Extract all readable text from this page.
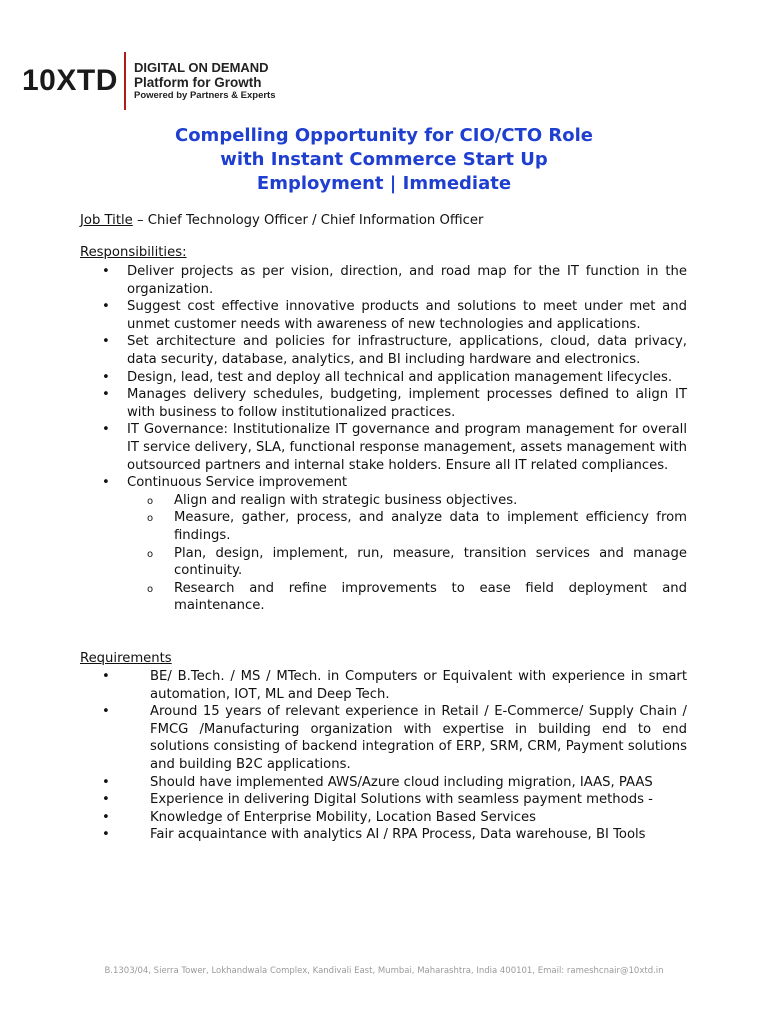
10XTD DIGITAL ON DEMAND
Platform for Growth
Powered by Partners & Experts
Compelling Opportunity for CIO/CTO Role
with Instant Commerce Start Up
Employment | Immediate
Job Title – Chief Technology Officer / Chief Information Officer
Responsibilities:
• Deliver projects as per vision, direction, and road map for the IT function in the organization.
• Suggest cost effective innovative products and solutions to meet under met and unmet customer needs with awareness of new technologies and applications.
• Set architecture and policies for infrastructure, applications, cloud, data privacy, data security, database, analytics, and BI including hardware and electronics.
• Design, lead, test and deploy all technical and application management lifecycles.
• Manages delivery schedules, budgeting, implement processes defined to align IT with business to follow institutionalized practices.
• IT Governance: Institutionalize IT governance and program management for overall IT service delivery, SLA, functional response management, assets management with outsourced partners and internal stake holders. Ensure all IT related compliances.
• Continuous Service improvement
o Align and realign with strategic business objectives.
o Measure, gather, process, and analyze data to implement efficiency from findings.
o Plan, design, implement, run, measure, transition services and manage continuity.
o Research and refine improvements to ease field deployment and maintenance.
Requirements
• BE/ B.Tech. / MS / MTech. in Computers or Equivalent with experience in smart automation, IOT, ML and Deep Tech.
• Around 15 years of relevant experience in Retail / E-Commerce/ Supply Chain / FMCG /Manufacturing organization with expertise in building end to end solutions consisting of backend integration of ERP, SRM, CRM, Payment solutions and building B2C applications.
• Should have implemented AWS/Azure cloud including migration, IAAS, PAAS
• Experience in delivering Digital Solutions with seamless payment methods -
• Knowledge of Enterprise Mobility, Location Based Services
• Fair acquaintance with analytics AI / RPA Process, Data warehouse, BI Tools
B.1303/04, Sierra Tower, Lokhandwala Complex, Kandivali East, Mumbai, Maharashtra, India 400101, Email: rameshcnair@10xtd.in
